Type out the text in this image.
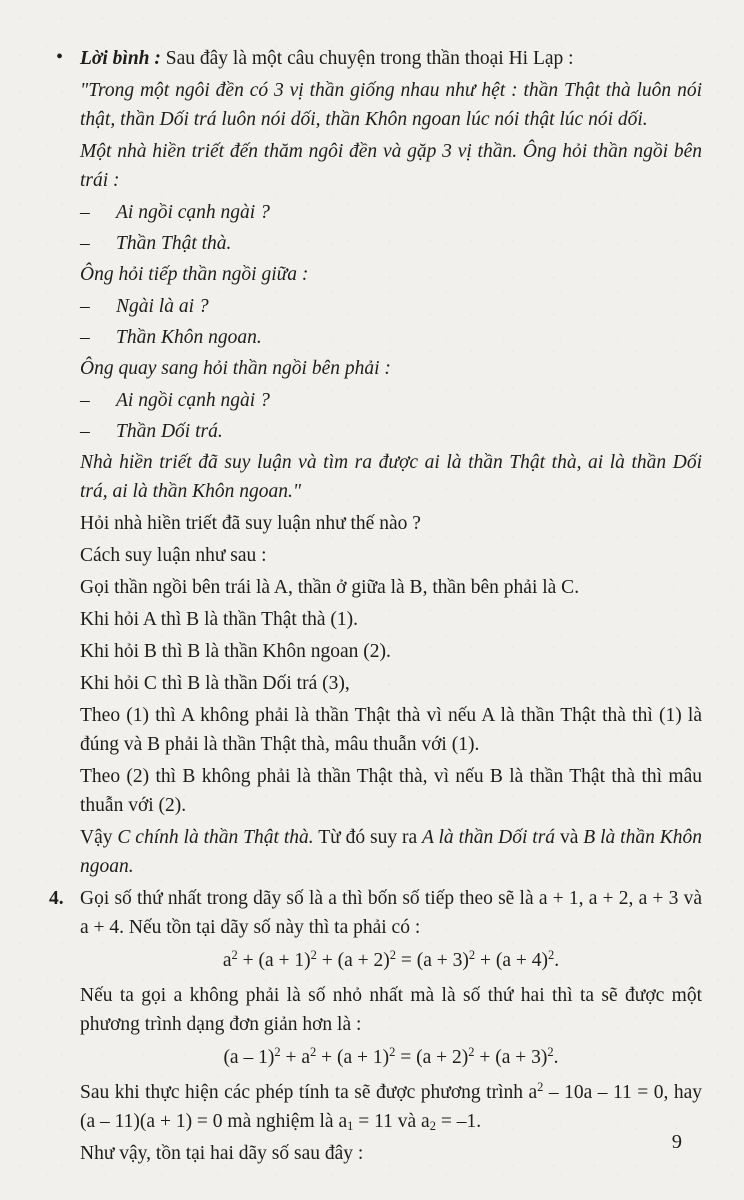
• Lời bình : Sau đây là một câu chuyện trong thần thoại Hi Lạp :

"Trong một ngôi đền có 3 vị thần giống nhau như hệt : thần Thật thà luôn nói thật, thần Dối trá luôn nói dối, thần Khôn ngoan lúc nói thật lúc nói dối.

Một nhà hiền triết đến thăm ngôi đền và gặp 3 vị thần. Ông hỏi thần ngồi bên trái :

– Ai ngồi cạnh ngài ?

– Thần Thật thà.

Ông hỏi tiếp thần ngồi giữa :

– Ngài là ai ?

– Thần Khôn ngoan.

Ông quay sang hỏi thần ngồi bên phải :

– Ai ngồi cạnh ngài ?

– Thần Dối trá.

Nhà hiền triết đã suy luận và tìm ra được ai là thần Thật thà, ai là thần Dối trá, ai là thần Khôn ngoan."

Hỏi nhà hiền triết đã suy luận như thế nào ?

Cách suy luận như sau :

Gọi thần ngồi bên trái là A, thần ở giữa là B, thần bên phải là C.

Khi hỏi A thì B là thần Thật thà (1).

Khi hỏi B thì B là thần Khôn ngoan (2).

Khi hỏi C thì B là thần Dối trá (3),

Theo (1) thì A không phải là thần Thật thà vì nếu A là thần Thật thà thì (1) là đúng và B phải là thần Thật thà, mâu thuẫn với (1).

Theo (2) thì B không phải là thần Thật thà, vì nếu B là thần Thật thà thì mâu thuẫn với (2).

Vậy C chính là thần Thật thà. Từ đó suy ra A là thần Dối trá và B là thần Khôn ngoan.

4. Gọi số thứ nhất trong dãy số là a thì bốn số tiếp theo sẽ là a + 1, a + 2, a + 3 và a + 4. Nếu tồn tại dãy số này thì ta phải có :

$a^2 + (a + 1)^2 + (a + 2)^2 = (a + 3)^2 + (a + 4)^2$.

Nếu ta gọi a không phải là số nhỏ nhất mà là số thứ hai thì ta sẽ được một phương trình dạng đơn giản hơn là :

$(a - 1)^2 + a^2 + (a + 1)^2 = (a + 2)^2 + (a + 3)^2$.

Sau khi thực hiện các phép tính ta sẽ được phương trình $a^2 - 10a - 11 = 0$, hay (a – 11)(a + 1) = 0 mà nghiệm là $a_1 = 11$ và $a_2 = -1$.

Như vậy, tồn tại hai dãy số sau đây :

9
